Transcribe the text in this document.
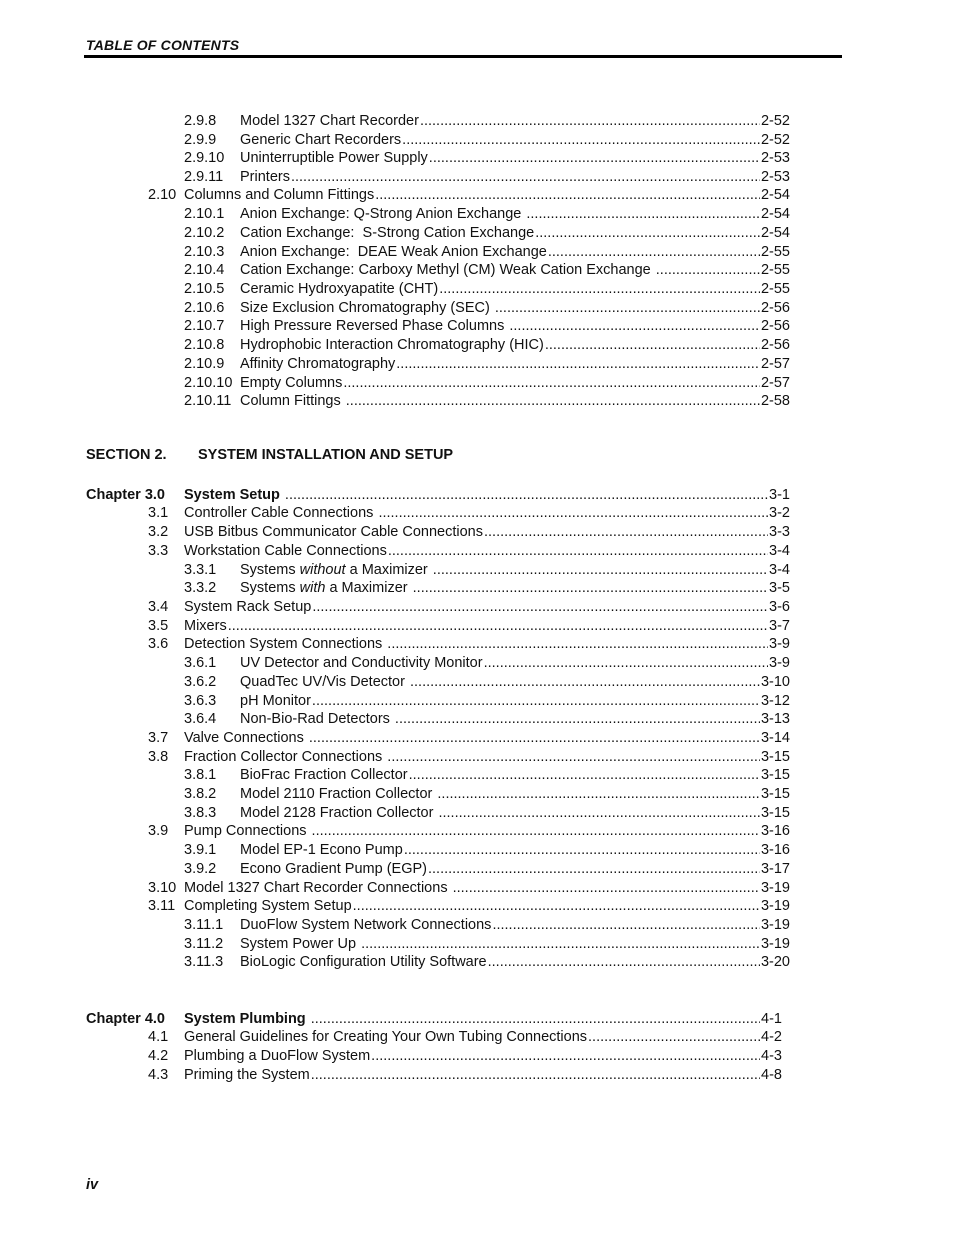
TABLE OF CONTENTS
SECTION 2. SYSTEM INSTALLATION AND SETUP
2.9.8	Model 1327 Chart Recorder .....	2-52
2.9.9	Generic Chart Recorders .....	2-52
2.9.10	Uninterruptible Power Supply .....	2-53
2.9.11	Printers .....	2-53
2.10 Columns and Column Fittings .....	2-54
2.10.1	Anion Exchange: Q-Strong Anion Exchange .....	2-54
2.10.2	Cation Exchange:  S-Strong Cation Exchange .....	2-54
2.10.3	Anion Exchange:  DEAE Weak Anion Exchange .....	2-55
2.10.4	Cation Exchange: Carboxy Methyl (CM) Weak Cation Exchange .....	2-55
2.10.5	Ceramic Hydroxyapatite (CHT) .....	2-55
2.10.6	Size Exclusion Chromatography (SEC) .....	2-56
2.10.7	High Pressure Reversed Phase Columns .....	2-56
2.10.8	Hydrophobic Interaction Chromatography (HIC) .....	2-56
2.10.9	Affinity Chromatography .....	2-57
2.10.10 Empty Columns .....	2-57
2.10.11 Column Fittings .....	2-58
Chapter 3.0	System Setup .....	3-1
3.1	Controller Cable Connections .....	3-2
3.2	USB Bitbus Communicator Cable Connections .....	3-3
3.3	Workstation Cable Connections .....	3-4
3.3.1	Systems without a Maximizer .....	3-4
3.3.2	Systems with a Maximizer .....	3-5
3.4	System Rack Setup .....	3-6
3.5	Mixers .....	3-7
3.6	Detection System Connections .....	3-9
3.6.1	UV Detector and Conductivity Monitor .....	3-9
3.6.2	QuadTec UV/Vis Detector .....	3-10
3.6.3	pH Monitor .....	3-12
3.6.4	Non-Bio-Rad Detectors .....	3-13
3.7	Valve Connections .....	3-14
3.8	Fraction Collector Connections .....	3-15
3.8.1	BioFrac Fraction Collector .....	3-15
3.8.2	Model 2110 Fraction Collector .....	3-15
3.8.3	Model 2128 Fraction Collector .....	3-15
3.9	Pump Connections .....	3-16
3.9.1	Model EP-1 Econo Pump .....	3-16
3.9.2	Econo Gradient Pump (EGP) .....	3-17
3.10 Model 1327 Chart Recorder Connections .....	3-19
3.11 Completing System Setup .....	3-19
3.11.1	DuoFlow System Network Connections .....	3-19
3.11.2	System Power Up .....	3-19
3.11.3	BioLogic Configuration Utility Software .....	3-20
Chapter 4.0	System Plumbing .....	4-1
4.1	General Guidelines for Creating Your Own Tubing Connections .....	4-2
4.2	Plumbing a DuoFlow System .....	4-3
4.3	Priming the System .....	4-8
iv
